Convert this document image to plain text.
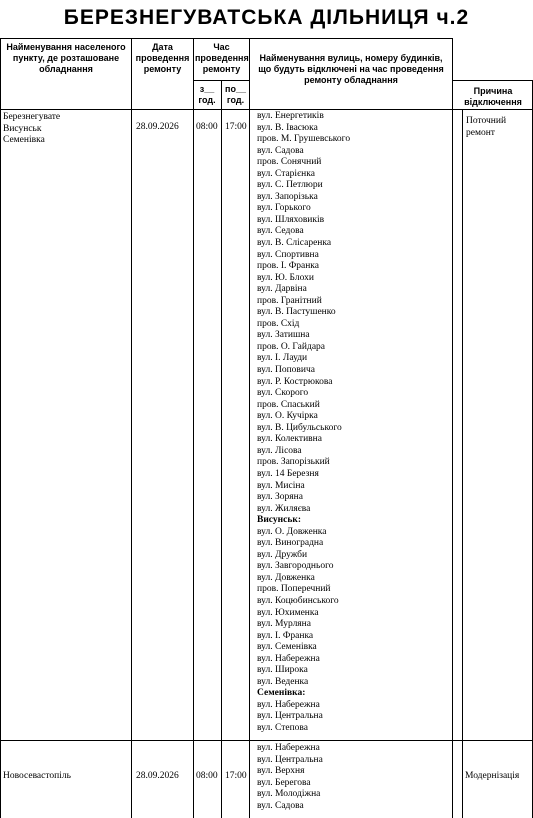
БЕРЕЗНЕГУВАТСЬКА ДІЛЬНИЦЯ ч.2
Найменування населеного пункту, де розташоване обладнання
Дата проведення ремонту
Час проведення ремонту
з__ год.
по__ год.
Найменування вулиць, номеру будинків, що будуть відключені на час проведення ремонту обладнання
Причина відключення
Березнегувате
Висунськ
Семенівка
28.09.2026 08:00 17:00
Поточний
ремонт
вул. Енергетиків
вул. В. Івасюка
пров. М. Грушевського
вул. Садова
пров. Сонячний
вул. Старієнка
вул. С. Петлюри
вул. Запорізька
вул. Горького
вул. Шляховиків
вул. Седова
вул. В. Слісаренка
вул. Спортивна
пров. І. Франка
вул. Ю. Блохи
вул. Дарвіна
пров. Гранітний
вул. В. Пастушенко
пров. Схід
вул. Затишна
пров. О. Гайдара
вул. І. Лауди
вул. Поповича
вул. Р. Кострюкова
вул. Скорого
пров. Спаський
вул. О. Кучірка
вул. В. Цибульського
вул. Колективна
вул. Лісова
пров. Запорізький
вул. 14 Березня
вул. Мисіна
вул. Зоряна
вул. Жиляєва
Висунськ:
вул. О. Довженка
вул. Виноградна
вул. Дружби
вул. Завгороднього
вул. Довженка
пров. Поперечний
вул. Коцюбинського
вул. Юхименка
вул. Мурляна
вул. І. Франка
вул. Семенівка
вул. Набережна
вул. Широка
вул. Веденка
Семенівка:
вул. Набережна
вул. Центральна
вул. Степова
Новосевастопіль	28.09.2026 08:00 17:00	Модернізація
вул. Набережна
вул. Центральна
вул. Верхня
вул. Берегова
вул. Молодіжна
вул. Садова
